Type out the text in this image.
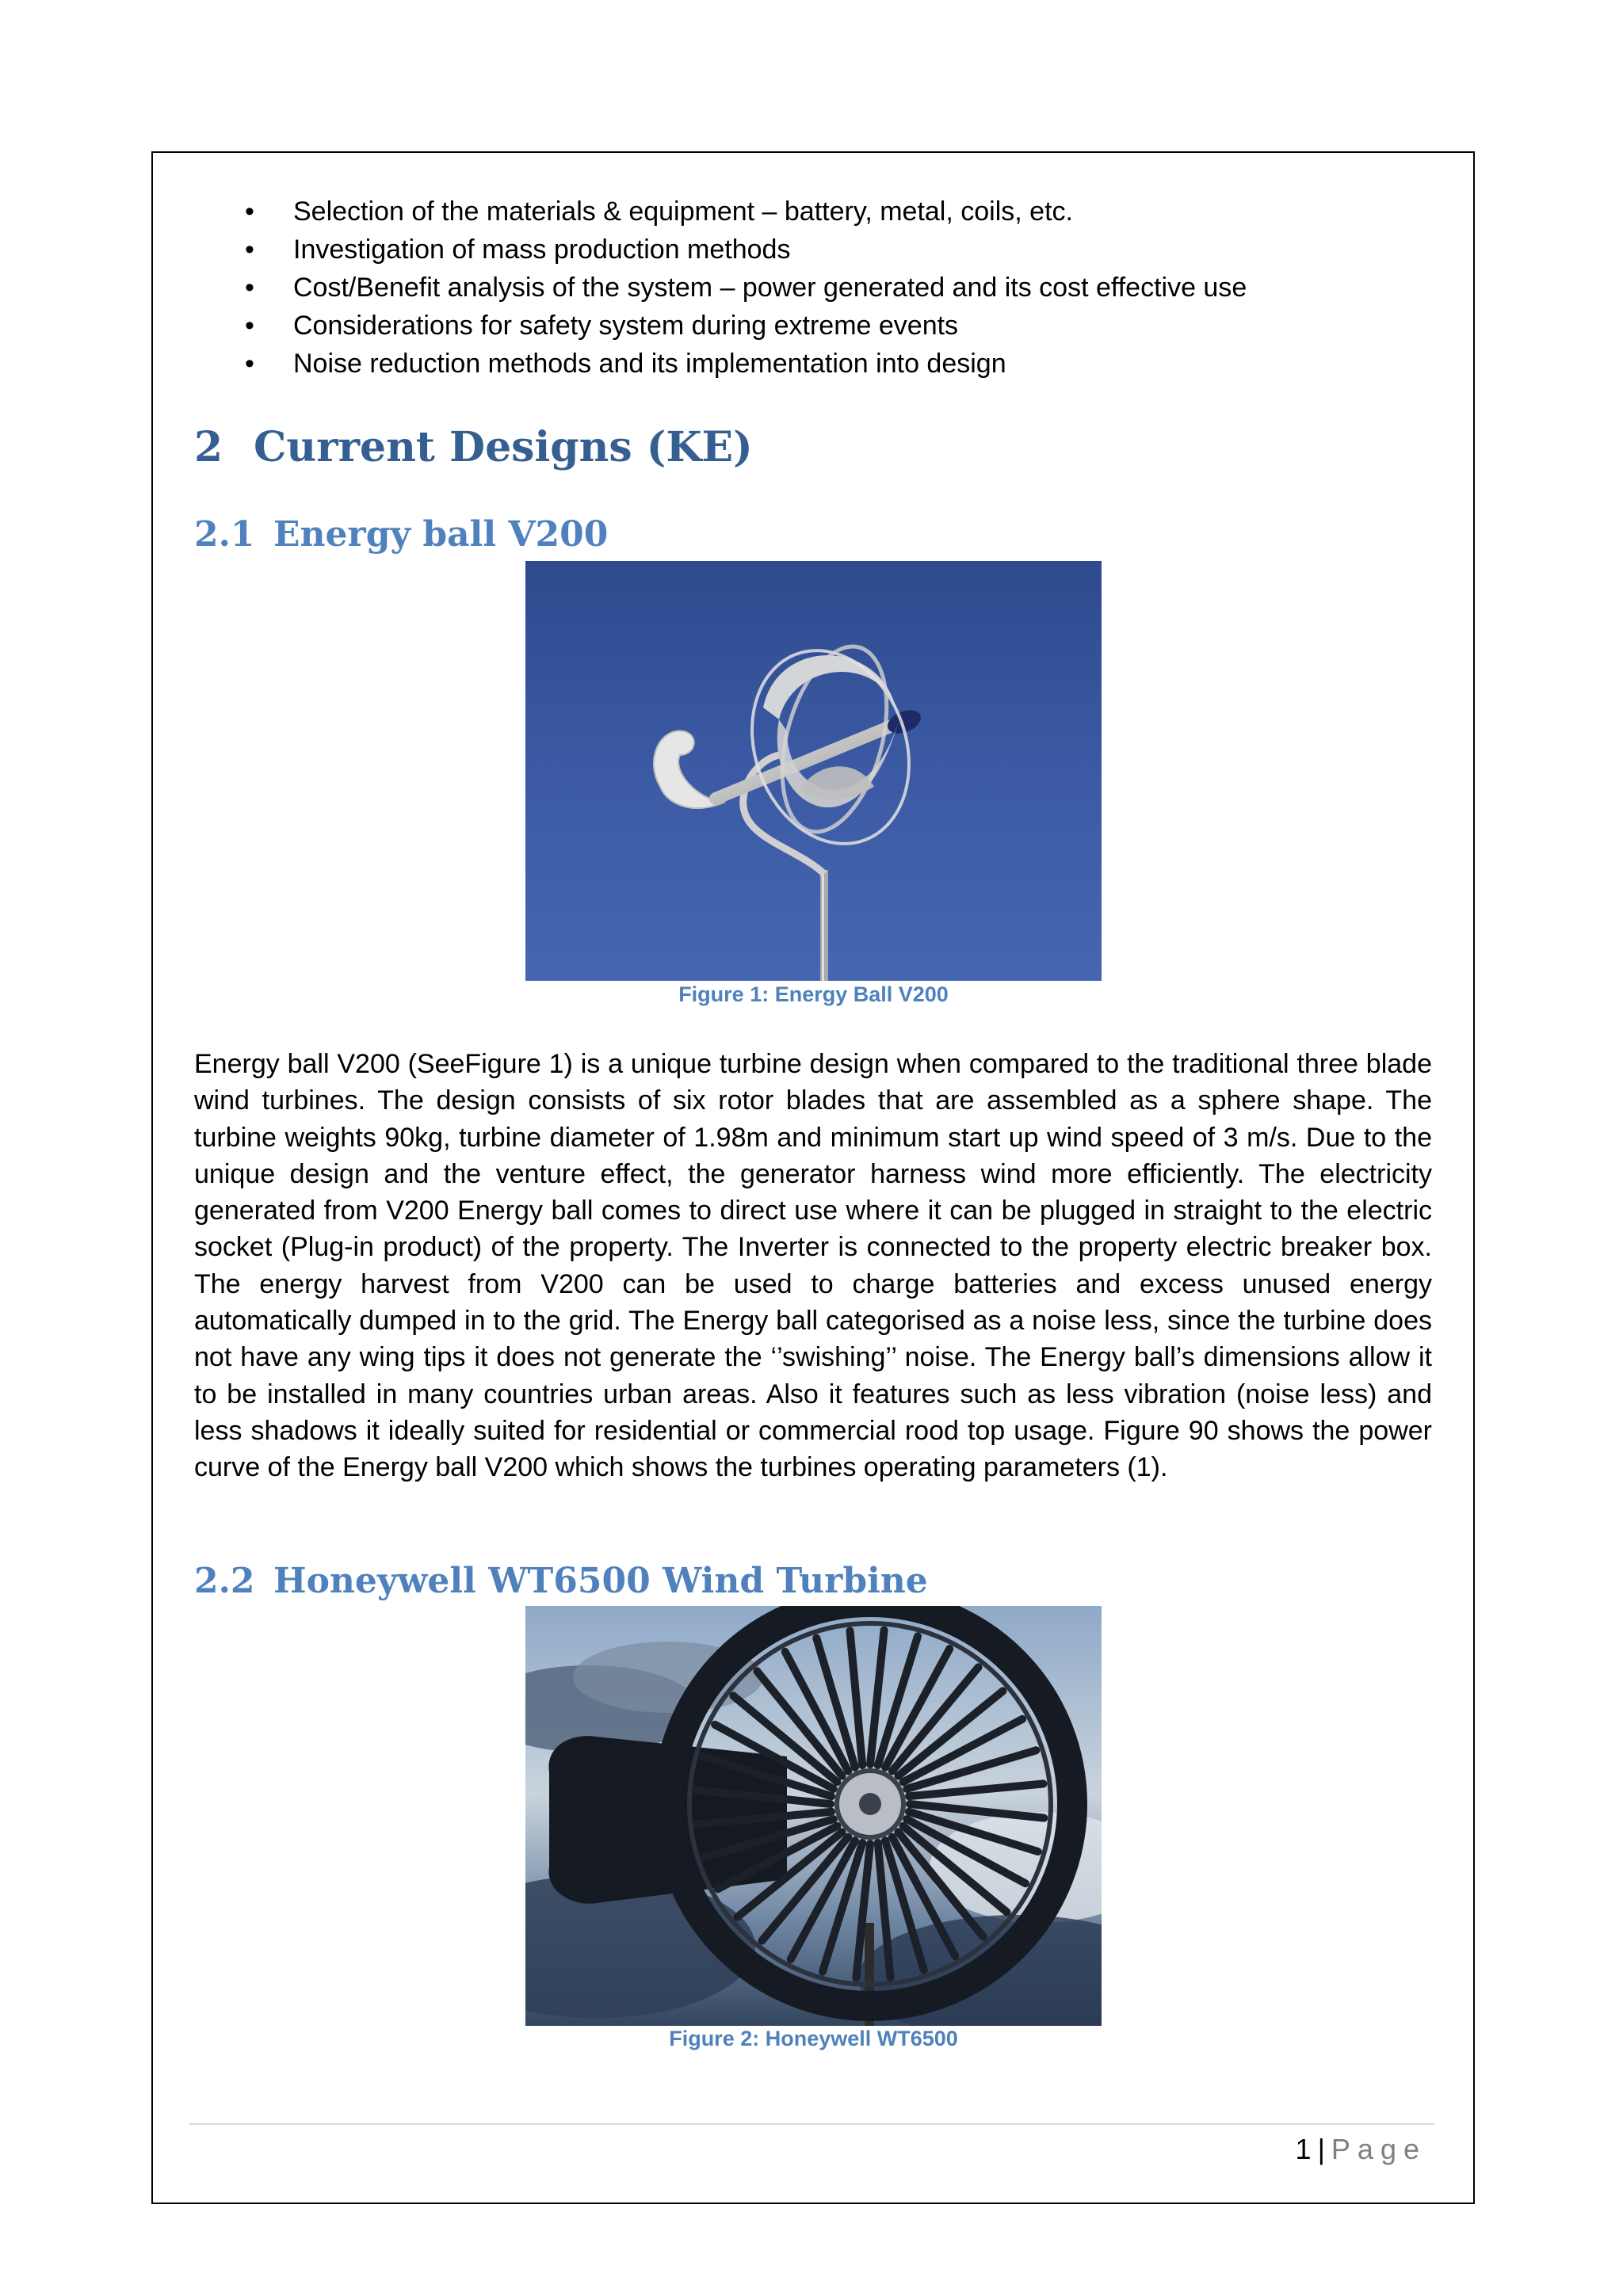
• Selection of the materials & equipment – battery, metal, coils, etc.
• Investigation of mass production methods
• Cost/Benefit analysis of the system – power generated and its cost effective use
• Considerations for safety system during extreme events
• Noise reduction methods and its implementation into design
2 Current Designs (KE)
2.1 Energy ball V200
Figure 1: Energy Ball V200

Energy ball V200 (SeeFigure 1) is a unique turbine design when compared to the traditional three blade wind turbines. The design consists of six rotor blades that are assembled as a sphere shape. The turbine weights 90kg, turbine diameter of 1.98m and minimum start up wind speed of 3 m/s. Due to the unique design and the venture effect, the generator harness wind more efficiently. The electricity generated from V200 Energy ball comes to direct use where it can be plugged in straight to the electric socket (Plug-in product) of the property. The Inverter is connected to the property electric breaker box. The energy harvest from V200 can be used to charge batteries and excess unused energy automatically dumped in to the grid. The Energy ball categorised as a noise less, since the turbine does not have any wing tips it does not generate the ‘’swishing’’ noise. The Energy ball’s dimensions allow it to be installed in many countries urban areas. Also it features such as less vibration (noise less) and less shadows it ideally suited for residential or commercial rood top usage. Figure 90 shows the power curve of the Energy ball V200 which shows the turbines operating parameters (1).

2.2 Honeywell WT6500 Wind Turbine
Figure 2: Honeywell WT6500
1 | Page
